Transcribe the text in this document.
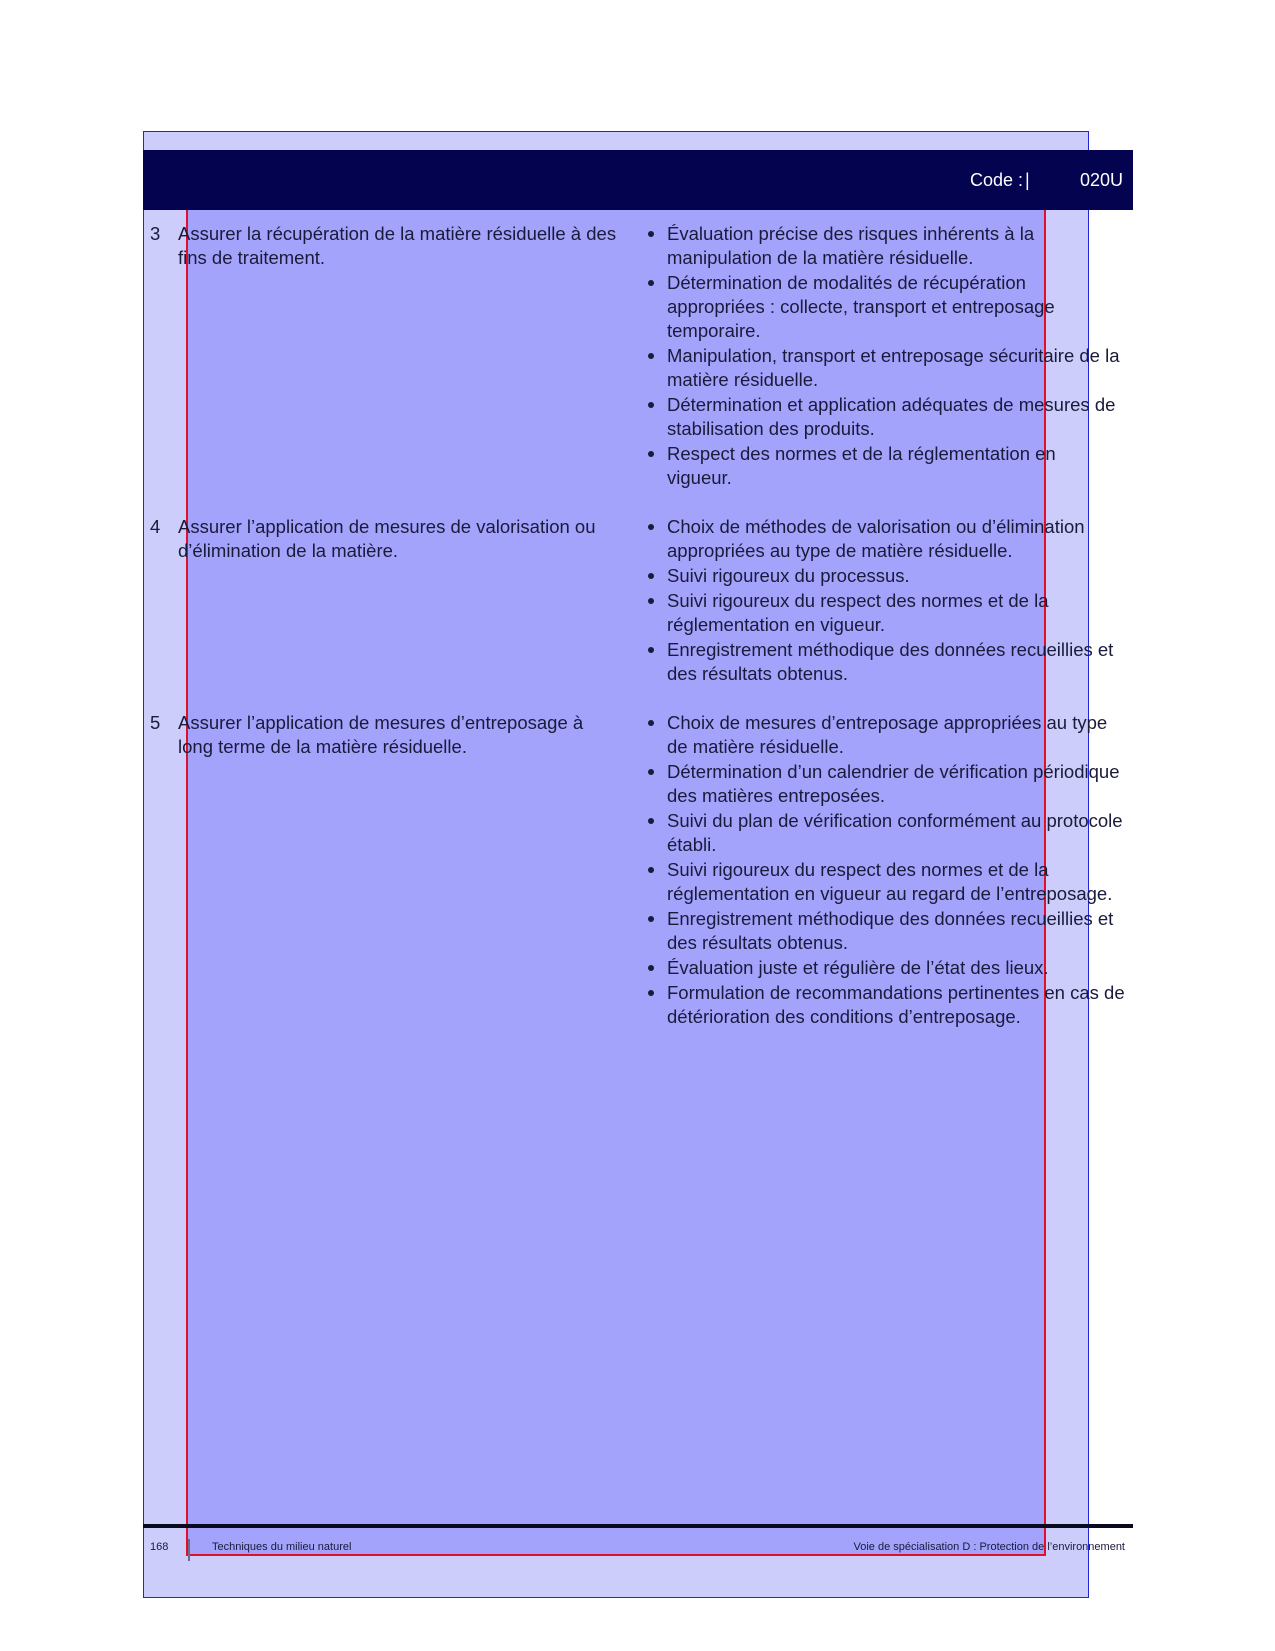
Code : |	020U
3 Assurer la récupération de la matière résiduelle à des fins de traitement.
Évaluation précise des risques inhérents à la manipulation de la matière résiduelle.
Détermination de modalités de récupération appropriées : collecte, transport et entreposage temporaire.
Manipulation, transport et entreposage sécuritaire de la matière résiduelle.
Détermination et application adéquates de mesures de stabilisation des produits.
Respect des normes et de la réglementation en vigueur.
4 Assurer l’application de mesures de valorisation ou d’élimination de la matière.
Choix de méthodes de valorisation ou d’élimination appropriées au type de matière résiduelle.
Suivi rigoureux du processus.
Suivi rigoureux du respect des normes et de la réglementation en vigueur.
Enregistrement méthodique des données recueillies et des résultats obtenus.
5 Assurer l’application de mesures d’entreposage à long terme de la matière résiduelle.
Choix de mesures d’entreposage appropriées au type de matière résiduelle.
Détermination d’un calendrier de vérification périodique des matières entreposées.
Suivi du plan de vérification conformément au protocole établi.
Suivi rigoureux du respect des normes et de la réglementation en vigueur au regard de l’entreposage.
Enregistrement méthodique des données recueillies et des résultats obtenus.
Évaluation juste et régulière de l’état des lieux.
Formulation de recommandations pertinentes en cas de détérioration des conditions d’entreposage.
168	Techniques du milieu naturel	Voie de spécialisation D : Protection de l’environnement
